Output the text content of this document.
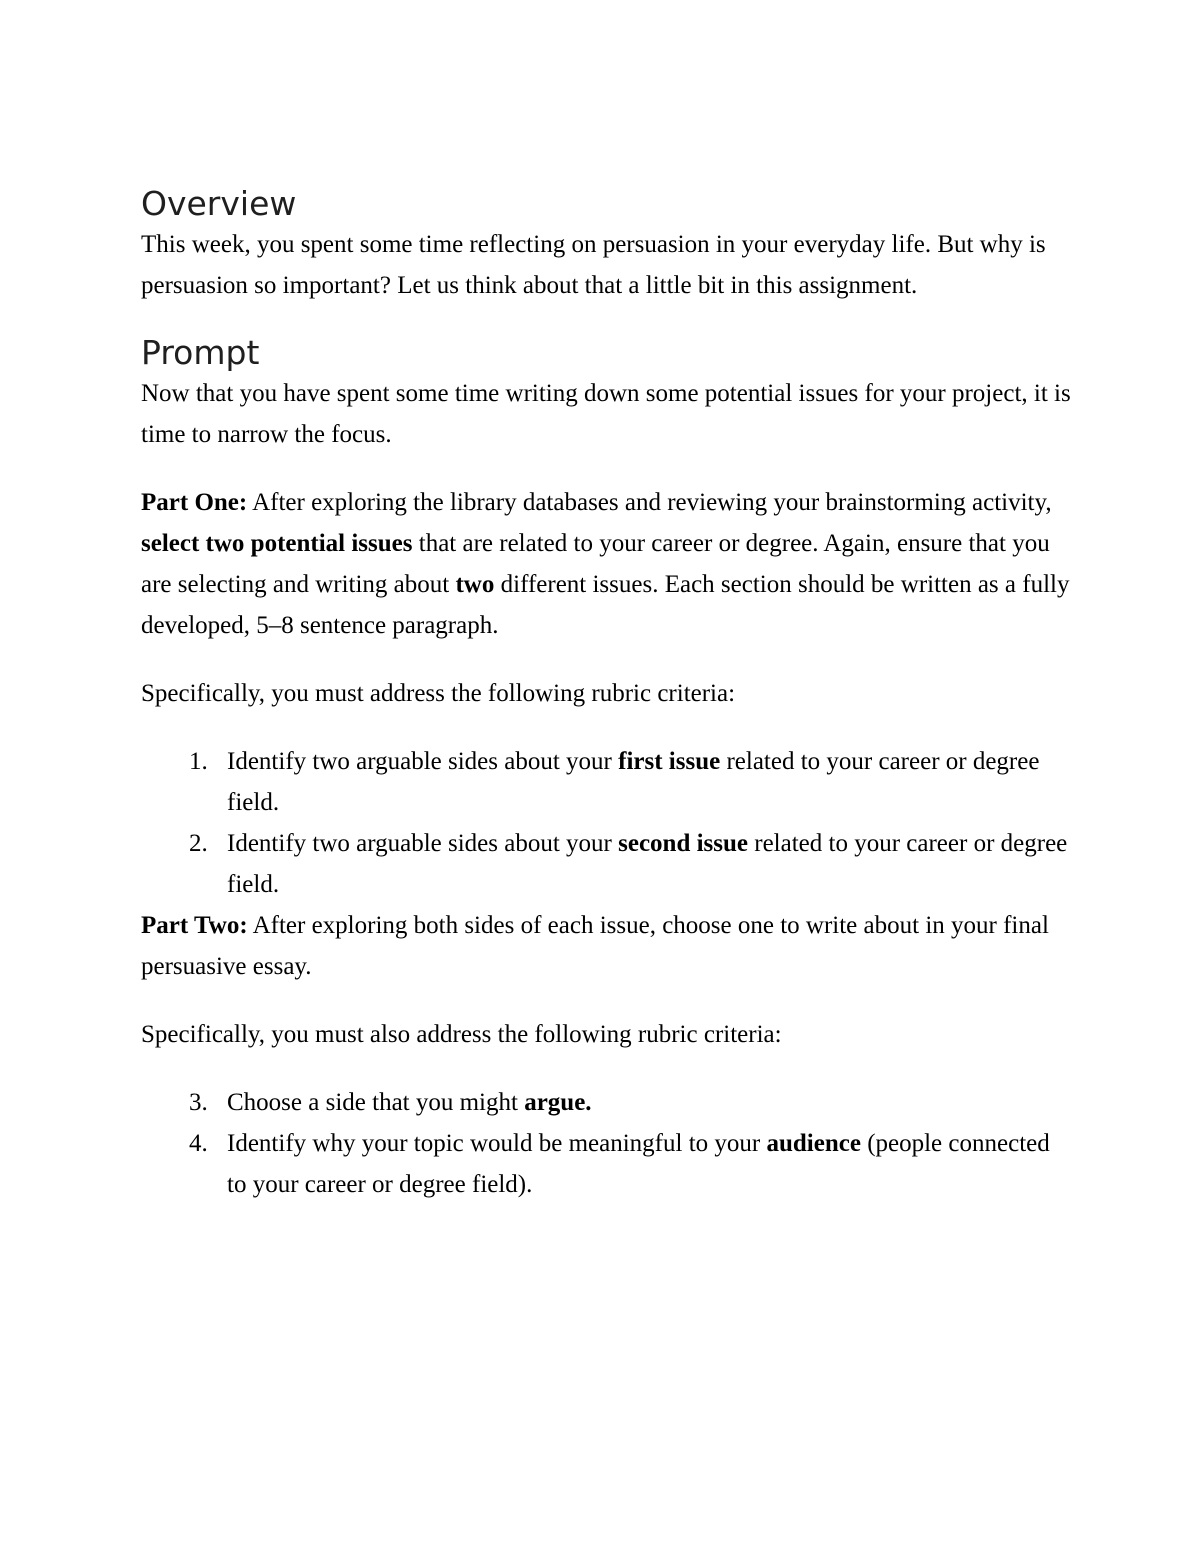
Overview

This week, you spent some time reflecting on persuasion in your everyday life. But why is persuasion so important? Let us think about that a little bit in this assignment.

Prompt

Now that you have spent some time writing down some potential issues for your project, it is time to narrow the focus.

Part One: After exploring the library databases and reviewing your brainstorming activity, select two potential issues that are related to your career or degree. Again, ensure that you are selecting and writing about two different issues. Each section should be written as a fully developed, 5–8 sentence paragraph.

Specifically, you must address the following rubric criteria:

1. Identify two arguable sides about your first issue related to your career or degree field.
2. Identify two arguable sides about your second issue related to your career or degree field.

Part Two: After exploring both sides of each issue, choose one to write about in your final persuasive essay.

Specifically, you must also address the following rubric criteria:

3. Choose a side that you might argue.
4. Identify why your topic would be meaningful to your audience (people connected to your career or degree field).
